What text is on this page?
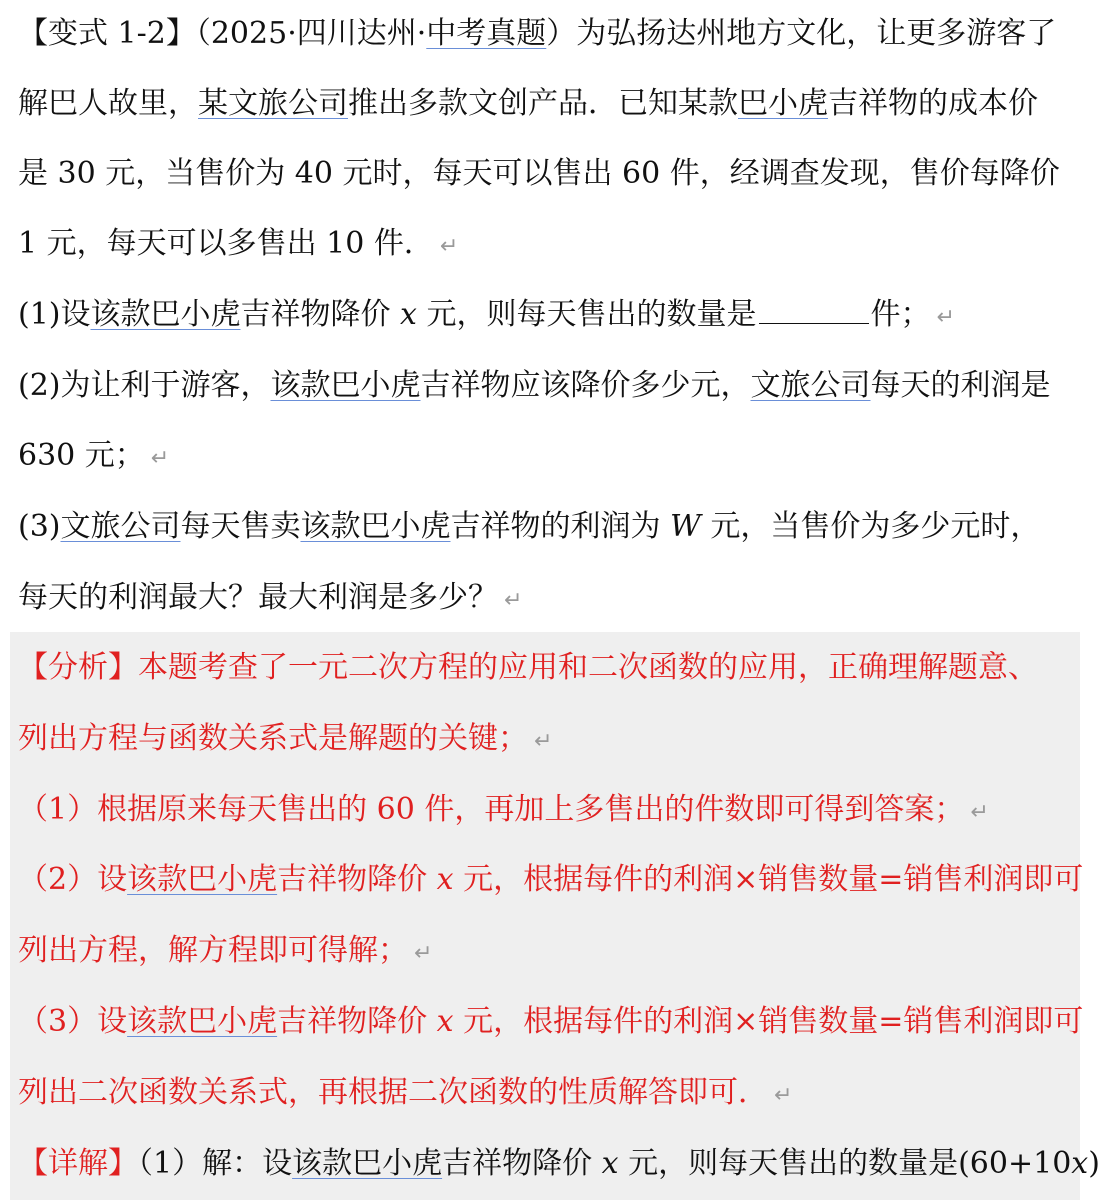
【变式 1-2】（2025·四川达州·中考真题）为弘扬达州地方文化，让更多游客了
解巴人故里，某文旅公司推出多款文创产品．已知某款巴小虎吉祥物的成本价
是 30 元，当售价为 40 元时，每天可以售出 60 件，经调查发现，售价每降价
1 元，每天可以多售出 10 件． ↵
(1)设该款巴小虎吉祥物降价 x 元，则每天售出的数量是	件； ↵
(2)为让利于游客，该款巴小虎吉祥物应该降价多少元，文旅公司每天的利润是
630 元； ↵
(3)文旅公司每天售卖该款巴小虎吉祥物的利润为 W 元，当售价为多少元时，
每天的利润最大？最大利润是多少？ ↵
【分析】本题考查了一元二次方程的应用和二次函数的应用，正确理解题意、
列出方程与函数关系式是解题的关键； ↵
（1）根据原来每天售出的 60 件，再加上多售出的件数即可得到答案； ↵
（2）设该款巴小虎吉祥物降价 x 元，根据每件的利润×销售数量=销售利润即可
列出方程，解方程即可得解； ↵
（3）设该款巴小虎吉祥物降价 x 元，根据每件的利润×销售数量=销售利润即可
列出二次函数关系式，再根据二次函数的性质解答即可． ↵
【详解】（1）解：设该款巴小虎吉祥物降价 x 元，则每天售出的数量是(60+10x)
